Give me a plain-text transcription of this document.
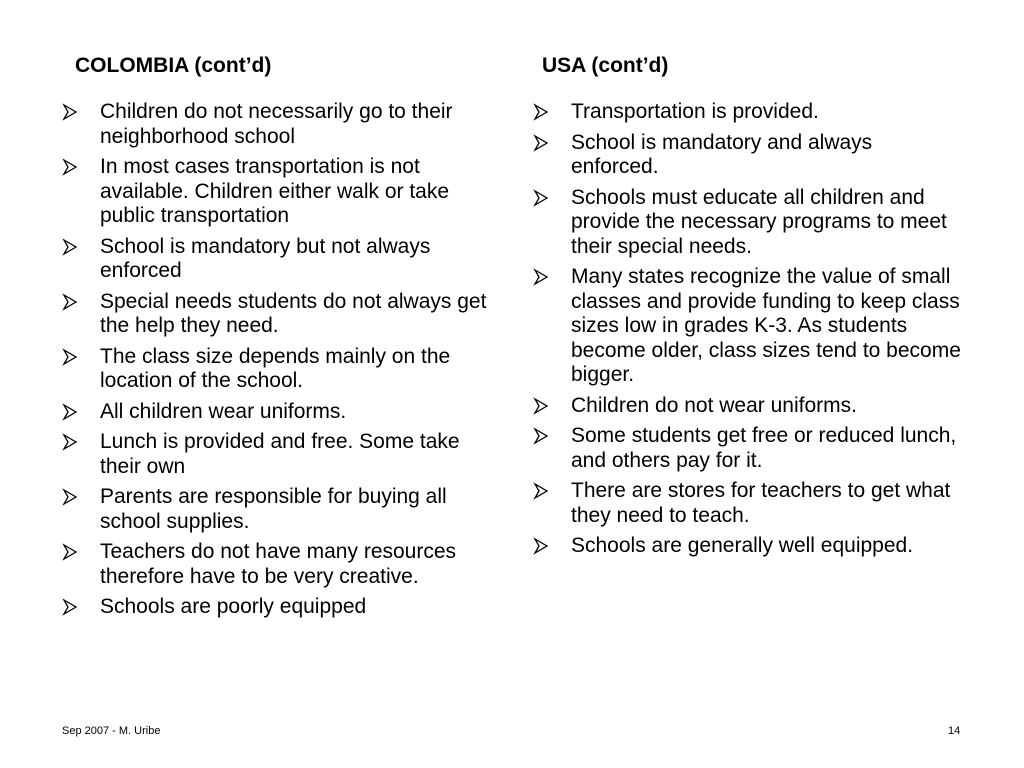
COLOMBIA (cont’d)	USA (cont’d)
Children do not necessarily go to their neighborhood school
In most cases transportation is not available. Children either walk or take public transportation
School is mandatory but not always enforced
Special needs students do not always get the help they need.
The class size depends mainly on the location of the school.
All children wear uniforms.
Lunch is provided and free. Some take their own
Parents are responsible for buying all school supplies.
Teachers do not have many resources therefore have to be very creative.
Schools are poorly equipped
Transportation is provided.
School is mandatory and always enforced.
Schools must educate all children and provide the necessary programs to meet their special needs.
Many states recognize the value of small classes and provide funding to keep class sizes low in grades K-3. As students become older, class sizes tend to become bigger.
Children do not wear uniforms.
Some students get free or reduced lunch, and others pay for it.
There are stores for teachers to get what they need to teach.
Schools are generally well equipped.
Sep 2007 - M. Uribe	14
